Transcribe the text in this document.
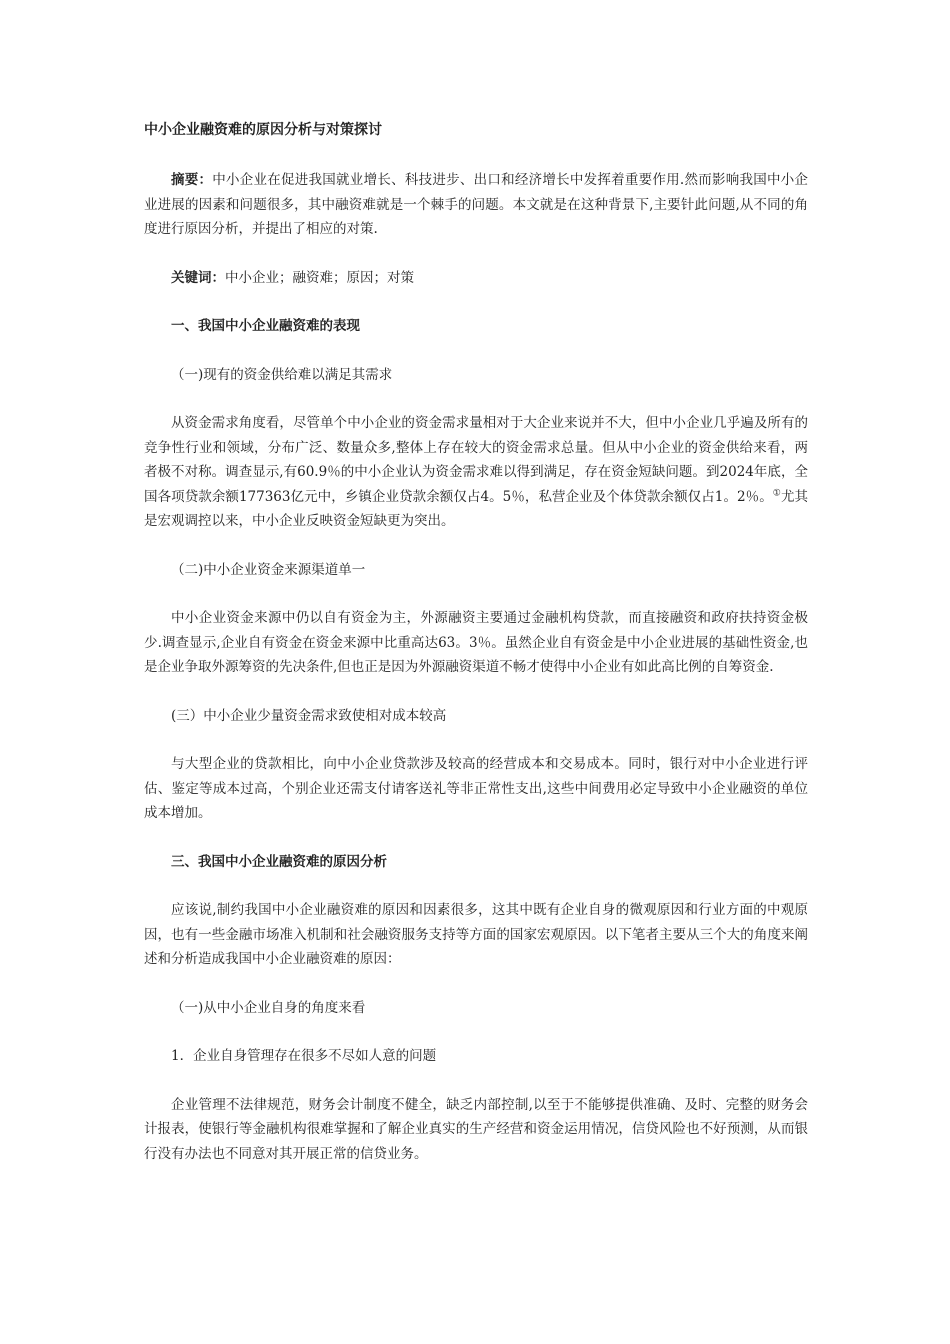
中小企业融资难的原因分析与对策探讨

摘要：中小企业在促进我国就业增长、科技进步、出口和经济增长中发挥着重要作用.然而影响我国中小企业进展的因素和问题很多，其中融资难就是一个棘手的问题。本文就是在这种背景下,主要针此问题,从不同的角度进行原因分析，并提出了相应的对策.

关键词：中小企业；融资难；原因；对策

一、我国中小企业融资难的表现

（一)现有的资金供给难以满足其需求

从资金需求角度看，尽管单个中小企业的资金需求量相对于大企业来说并不大，但中小企业几乎遍及所有的竞争性行业和领域，分布广泛、数量众多,整体上存在较大的资金需求总量。但从中小企业的资金供给来看，两者极不对称。调查显示,有60.9％的中小企业认为资金需求难以得到满足，存在资金短缺问题。到2024年底，全国各项贷款余额177363亿元中，乡镇企业贷款余额仅占4。5％，私营企业及个体贷款余额仅占1。2％。①尤其是宏观调控以来，中小企业反映资金短缺更为突出。

（二)中小企业资金来源渠道单一

中小企业资金来源中仍以自有资金为主，外源融资主要通过金融机构贷款，而直接融资和政府扶持资金极少.调查显示,企业自有资金在资金来源中比重高达63。3％。虽然企业自有资金是中小企业进展的基础性资金,也是企业争取外源筹资的先决条件,但也正是因为外源融资渠道不畅才使得中小企业有如此高比例的自筹资金.

(三）中小企业少量资金需求致使相对成本较高

与大型企业的贷款相比，向中小企业贷款涉及较高的经营成本和交易成本。同时，银行对中小企业进行评估、鉴定等成本过高，个别企业还需支付请客送礼等非正常性支出,这些中间费用必定导致中小企业融资的单位成本增加。

三、我国中小企业融资难的原因分析

应该说,制约我国中小企业融资难的原因和因素很多，这其中既有企业自身的微观原因和行业方面的中观原因，也有一些金融市场准入机制和社会融资服务支持等方面的国家宏观原因。以下笔者主要从三个大的角度来阐述和分析造成我国中小企业融资难的原因：

（一)从中小企业自身的角度来看

1．企业自身管理存在很多不尽如人意的问题

企业管理不法律规范，财务会计制度不健全，缺乏内部控制,以至于不能够提供准确、及时、完整的财务会计报表，使银行等金融机构很难掌握和了解企业真实的生产经营和资金运用情况，信贷风险也不好预测，从而银行没有办法也不同意对其开展正常的信贷业务。
